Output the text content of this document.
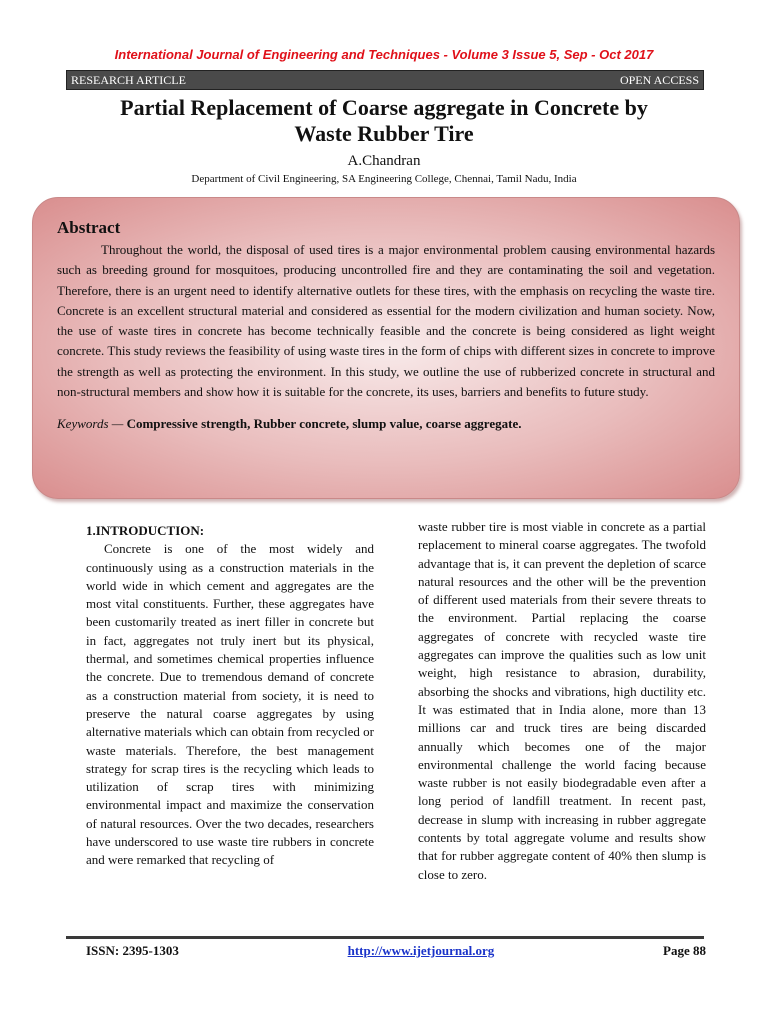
International Journal of Engineering and Techniques - Volume 3 Issue 5, Sep - Oct 2017
RESEARCH ARTICLE	OPEN ACCESS
Partial Replacement of Coarse aggregate in Concrete by
Waste Rubber Tire
A.Chandran
Department of Civil Engineering, SA Engineering College, Chennai, Tamil Nadu, India
Abstract

Throughout the world, the disposal of used tires is a major environmental problem causing environmental hazards such as breeding ground for mosquitoes, producing uncontrolled fire and they are contaminating the soil and vegetation. Therefore, there is an urgent need to identify alternative outlets for these tires, with the emphasis on recycling the waste tire. Concrete is an excellent structural material and considered as essential for the modern civilization and human society. Now, the use of waste tires in concrete has become technically feasible and the concrete is being considered as light weight concrete. This study reviews the feasibility of using waste tires in the form of chips with different sizes in concrete to improve the strength as well as protecting the environment. In this study, we outline the use of rubberized concrete in structural and non-structural members and show how it is suitable for the concrete, its uses, barriers and benefits to future study.

Keywords — Compressive strength, Rubber concrete, slump value, coarse aggregate.
1.INTRODUCTION:

Concrete is one of the most widely and continuously using as a construction materials in the world wide in which cement and aggregates are the most vital constituents. Further, these aggregates have been customarily treated as inert filler in concrete but in fact, aggregates not truly inert but its physical, thermal, and sometimes chemical properties influence the concrete. Due to tremendous demand of concrete as a construction material from society, it is need to preserve the natural coarse aggregates by using alternative materials which can obtain from recycled or waste materials. Therefore, the best management strategy for scrap tires is the recycling which leads to utilization of scrap tires with minimizing environmental impact and maximize the conservation of natural resources. Over the two decades, researchers have underscored to use waste tire rubbers in concrete and were remarked that recycling of

waste rubber tire is most viable in concrete as a partial replacement to mineral coarse aggregates. The twofold advantage that is, it can prevent the depletion of scarce natural resources and the other will be the prevention of different used materials from their severe threats to the environment. Partial replacing the coarse aggregates of concrete with recycled waste tire aggregates can improve the qualities such as low unit weight, high resistance to abrasion, durability, absorbing the shocks and vibrations, high ductility etc. It was estimated that in India alone, more than 13 millions car and truck tires are being discarded annually which becomes one of the major environmental challenge the world facing because waste rubber is not easily biodegradable even after a long period of landfill treatment. In recent past, decrease in slump with increasing in rubber aggregate contents by total aggregate volume and results show that for rubber aggregate content of 40% then slump is close to zero.

ISSN: 2395-1303	http://www.ijetjournal.org	Page 88
